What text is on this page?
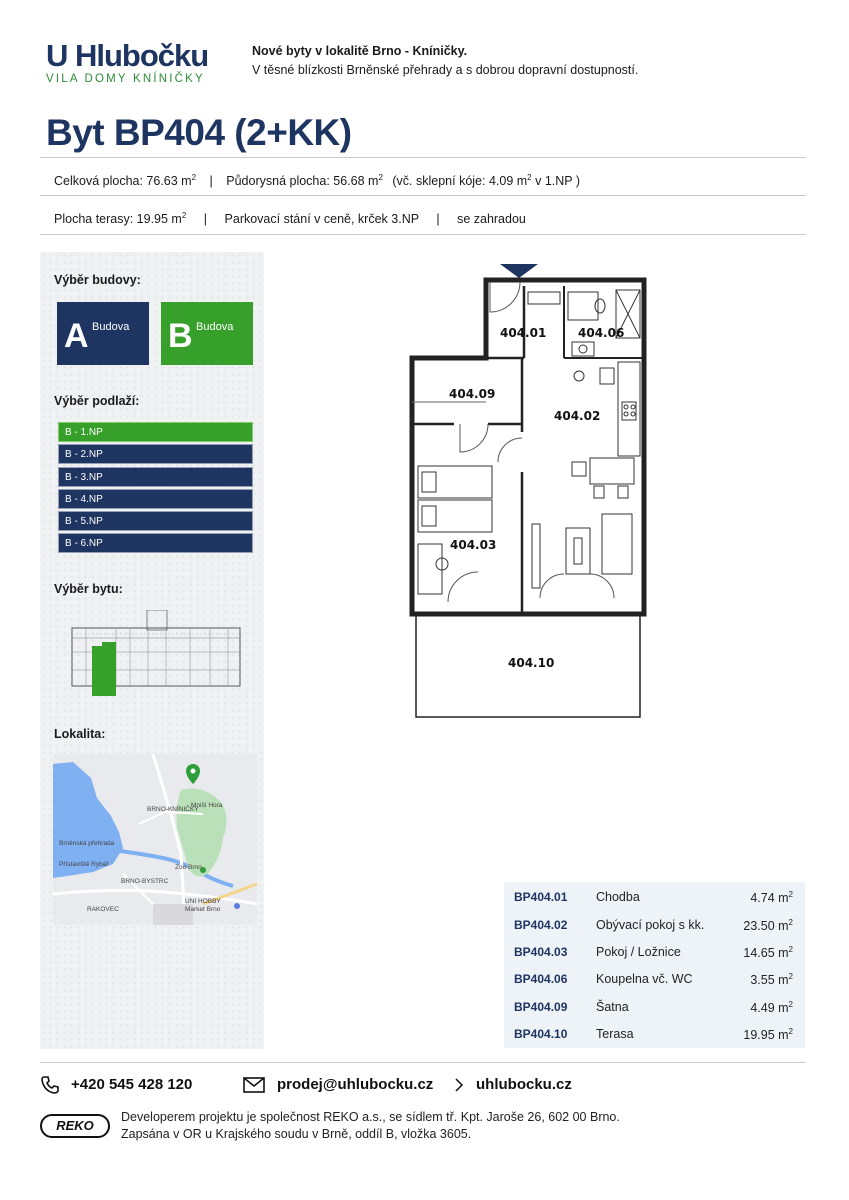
U Hlubočku
VILA DOMY KNÍNIČKY
Nové byty v lokalitě Brno - Kníničky.
V těsné blízkosti Brněnské přehrady a s dobrou dopravní dostupností.
Byt BP404 (2+KK)
Celková plocha: 76.63 $m^2$ | Půdorysná plocha: 56.68 $m^2$ (vč. sklepní kóje: 4.09 $m^2$ v 1.NP )
Plocha terasy: 19.95 $m^2$ | Parkovací stání v ceně, krček 3.NP | se zahradou
Výběr budovy:
A Budova B Budova
Výběr podlaží:
B - 1.NP
B - 2.NP
B - 3.NP
B - 4.NP
B - 5.NP
B - 6.NP
Výběr bytu:
Lokalita:
Brněnská přehrada
BRNO-KNÍNIČKY
BRNO-BYSTRC
RAKOVEC
Mniší Hora
Přístaviště Rybář	Zoo Brno
UNI HOBBY Market Brno
404.01	404.06
404.09
404.02
404.03
404.10
BP404.01 Chodba	4.74 $m^2$
BP404.02 Obývací pokoj s kk.	23.50 $m^2$
BP404.03 Pokoj / Ložnice	14.65 $m^2$
BP404.06 Koupelna vč. WC	3.55 $m^2$
BP404.09 Šatna	4.49 $m^2$
BP404.10 Terasa	19.95 $m^2$
+420 545 428 120	prodej@uhlubocku.cz	uhlubocku.cz
REKO
Developerem projektu je společnost REKO a.s., se sídlem tř. Kpt. Jaroše 26, 602 00 Brno.
Zapsána v OR u Krajského soudu v Brně, oddíl B, vložka 3605.
